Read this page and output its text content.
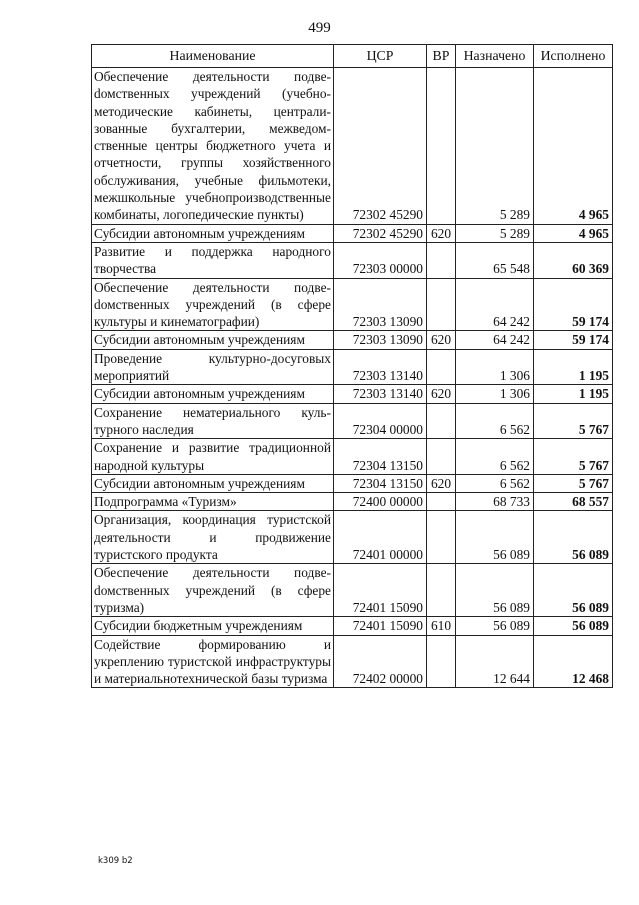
499
Наименование	ЦСР	ВР	Назначено	Исполнено
Обеспечение деятельности подвеdомственных учреждений (учебнометодические кабинеты, централизованные бухгалтерии, межведомственные центры бюджетного учета и отчетности, группы хозяйственного обслуживания, учебные фильмотеки, межшкольные учебнопроизводственные комбинаты, логопедические пункты)	72302 45290		5 289	4 965
Субсидии автономным учреждениям	72302 45290	620	5 289	4 965
Развитие и поддержка народного творчества	72303 00000		65 548	60 369
Обеспечение деятельности подвеdомственных учреждений (в сфере культуры и кинематографии)	72303 13090		64 242	59 174
Субсидии автономным учреждениям	72303 13090	620	64 242	59 174
Проведение культурно-досуговых мероприятий	72303 13140		1 306	1 195
Субсидии автономным учреждениям	72303 13140	620	1 306	1 195
Сохранение нематериального культурного наследия	72304 00000		6 562	5 767
Сохранение и развитие традиционной народной культуры	72304 13150		6 562	5 767
Субсидии автономным учреждениям	72304 13150	620	6 562	5 767
Подпрограмма «Туризм»	72400 00000		68 733	68 557
Организация, координация туристской деятельности и продвижение туристского продукта	72401 00000		56 089	56 089
Обеспечение деятельности подвеdомственных учреждений (в сфере туризма)	72401 15090		56 089	56 089
Субсидии бюджетным учреждениям	72401 15090	610	56 089	56 089
Содействие формированию и укреплению туристской инфраструктуры и материальнотехнической базы туризма	72402 00000		12 644	12 468
k309 b2
